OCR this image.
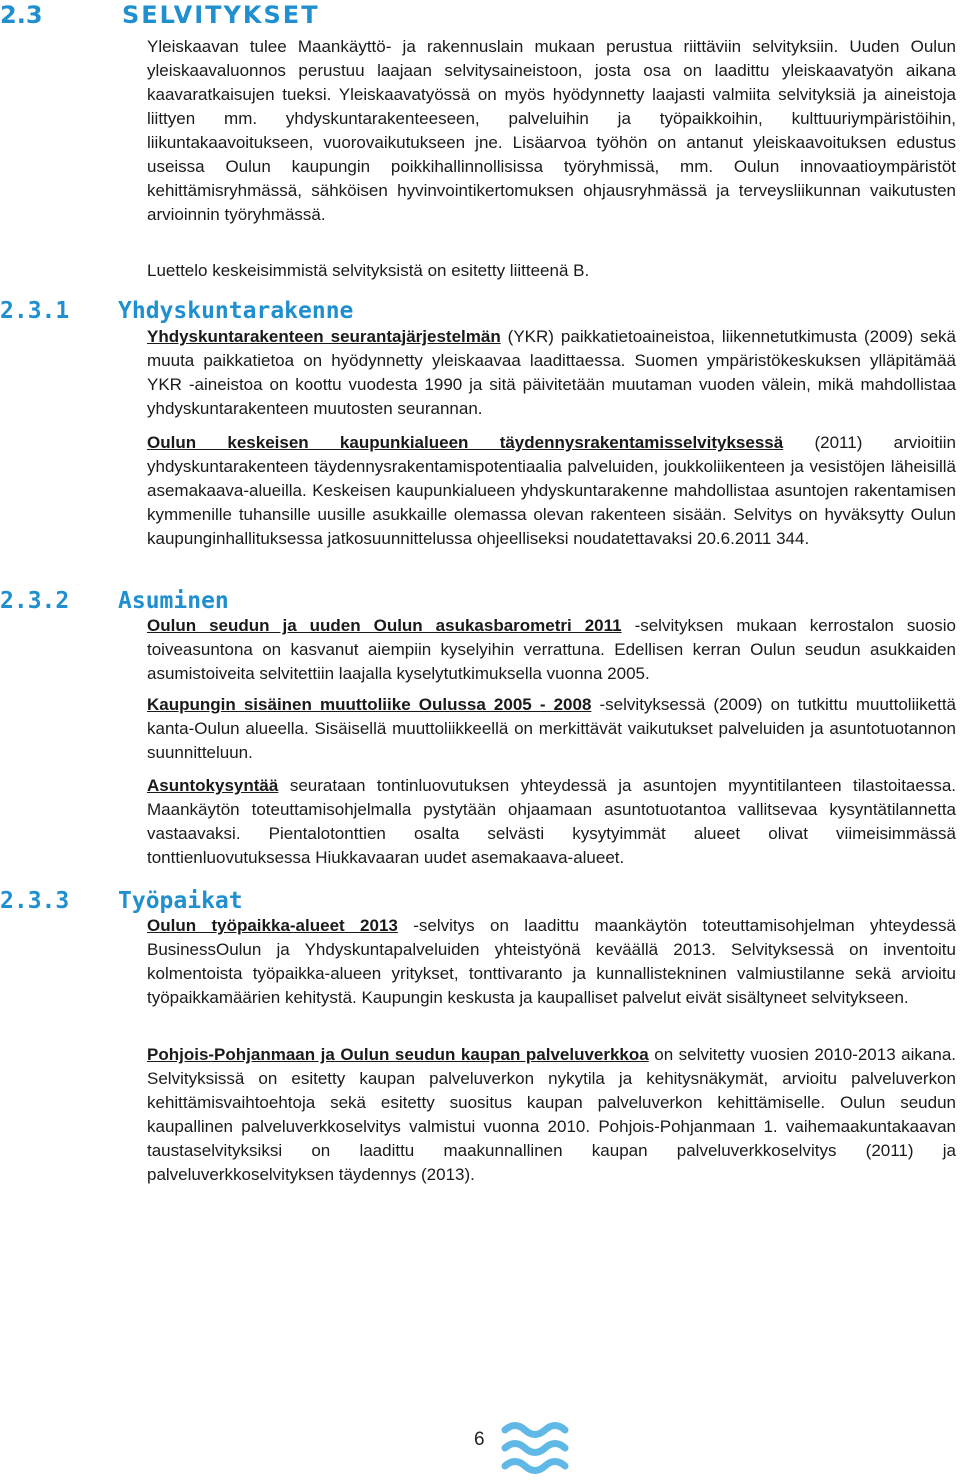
2.3	SELVITYKSET

Yleiskaavan tulee Maankäyttö- ja rakennuslain mukaan perustua riittäviin selvityksiin. Uuden Oulun yleiskaavaluonnos perustuu laajaan selvitysaineistoon, josta osa on laadittu yleiskaavatyön aikana kaavaratkaisujen tueksi. Yleiskaavatyössä on myös hyödynnetty laajasti valmiita selvityksiä ja aineistoja liittyen mm. yhdyskuntarakenteeseen, palveluihin ja työpaikkoihin, kulttuuriympäristöihin, liikuntakaavoitukseen, vuorovaikutukseen jne. Lisäarvoa työhön on antanut yleiskaavoituksen edustus useissa Oulun kaupungin poikkihallinnollisissa työryhmissä, mm. Oulun innovaatioympäristöt kehittämisryhmässä, sähköisen hyvinvointikertomuksen ohjausryhmässä ja terveysliikunnan vaikutusten arvioinnin työryhmässä.

Luettelo keskeisimmistä selvityksistä on esitetty liitteenä B.

2.3.1 Yhdyskuntarakenne

Yhdyskuntarakenteen seurantajärjestelmän (YKR) paikkatietoaineistoa, liikennetutkimusta (2009) sekä muuta paikkatietoa on hyödynnetty yleiskaavaa laadittaessa. Suomen ympäristökeskuksen ylläpitämää YKR -aineistoa on koottu vuodesta 1990 ja sitä päivitetään muutaman vuoden välein, mikä mahdollistaa yhdyskuntarakenteen muutosten seurannan.

Oulun keskeisen kaupunkialueen täydennysrakentamisselvityksessä (2011) arvioitiin yhdyskuntarakenteen täydennysrakentamispotentiaalia palveluiden, joukkoliikenteen ja vesistöjen läheisillä asemakaava-alueilla. Keskeisen kaupunkialueen yhdyskuntarakenne mahdollistaa asuntojen rakentamisen kymmenille tuhansille uusille asukkaille olemassa olevan rakenteen sisään. Selvitys on hyväksytty Oulun kaupunginhallituksessa jatkosuunnittelussa ohjeelliseksi noudatettavaksi 20.6.2011 344.

2.3.2 Asuminen

Oulun seudun ja uuden Oulun asukasbarometri 2011 -selvityksen mukaan kerrostalon suosio toiveasuntona on kasvanut aiempiin kyselyihin verrattuna. Edellisen kerran Oulun seudun asukkaiden asumistoiveita selvitettiin laajalla kyselytutkimuksella vuonna 2005.

Kaupungin sisäinen muuttoliike Oulussa 2005 - 2008 -selvityksessä (2009) on tutkittu muuttoliikettä kanta-Oulun alueella. Sisäisellä muuttoliikkeellä on merkittävät vaikutukset palveluiden ja asuntotuotannon suunnitteluun.

Asuntokysyntää seurataan tontinluovutuksen yhteydessä ja asuntojen myyntitilanteen tilastoitaessa. Maankäytön toteuttamisohjelmalla pystytään ohjaamaan asuntotuotantoa vallitsevaa kysyntätilannetta vastaavaksi. Pientalotonttien osalta selvästi kysytyimmät alueet olivat viimeisimmässä tonttienluovutuksessa Hiukkavaaran uudet asemakaava-alueet.

2.3.3 Työpaikat

Oulun työpaikka-alueet 2013 -selvitys on laadittu maankäytön toteuttamisohjelman yhteydessä BusinessOulun ja Yhdyskuntapalveluiden yhteistyönä keväällä 2013. Selvityksessä on inventoitu kolmentoista työpaikka-alueen yritykset, tonttivaranto ja kunnallistekninen valmiustilanne sekä arvioitu työpaikkamäärien kehitystä. Kaupungin keskusta ja kaupalliset palvelut eivät sisältyneet selvitykseen.

Pohjois-Pohjanmaan ja Oulun seudun kaupan palveluverkkoa on selvitetty vuosien 2010-2013 aikana. Selvityksissä on esitetty kaupan palveluverkon nykytila ja kehitysnäkymät, arvioitu palveluverkon kehittämisvaihtoehtoja sekä esitetty suositus kaupan palveluverkon kehittämiselle. Oulun seudun kaupallinen palveluverkkoselvitys valmistui vuonna 2010. Pohjois-Pohjanmaan 1. vaihemaakuntakaavan taustaselvityksiksi on laadittu maakunnallinen kaupan palveluverkkoselvitys (2011) ja palveluverkkoselvityksen täydennys (2013).

6
